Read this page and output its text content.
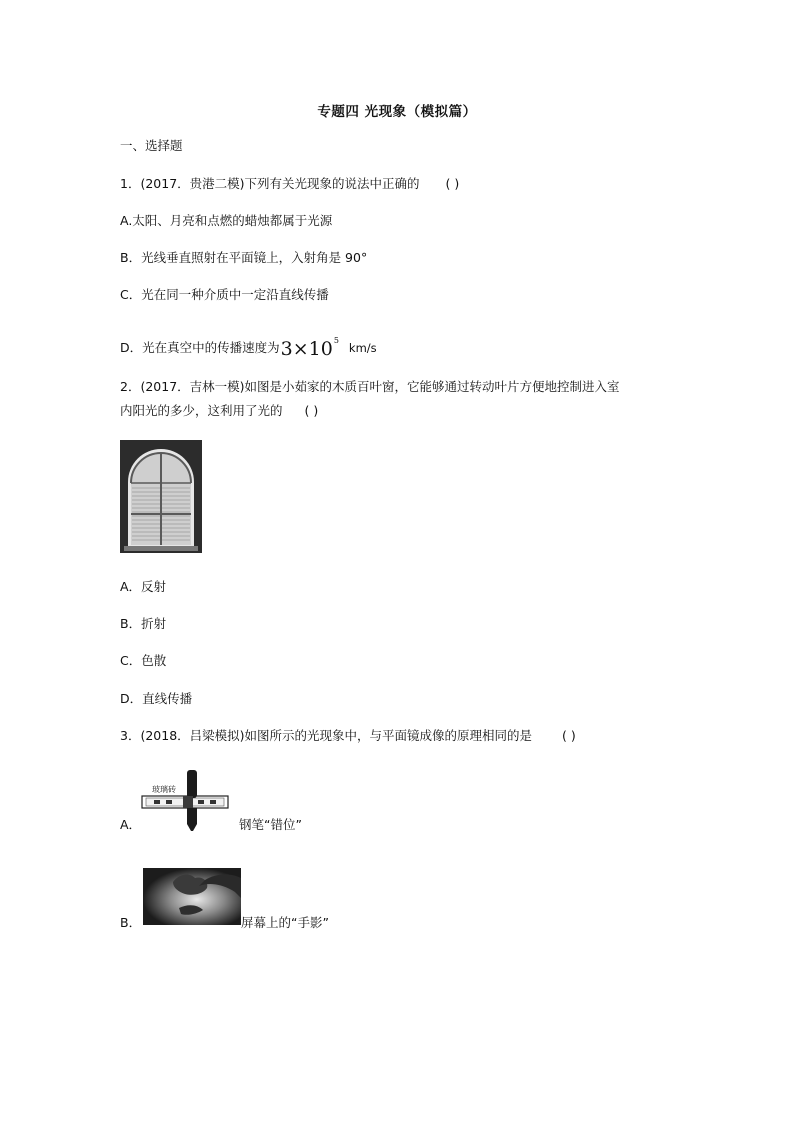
专题四 光现象（模拟篇）
一、选择题
1．(2017．贵港二模)下列有关光现象的说法中正确的 ( )
A.太阳、月亮和点燃的蜡烛都属于光源
B．光线垂直照射在平面镜上，入射角是 90°
C．光在同一种介质中一定沿直线传播
D．光在真空中的传播速度为$3\times 10^5km/s$
2．(2017．吉林一模)如图是小茹家的木质百叶窗，它能够通过转动叶片方便地控制进入室
内阳光的多少，这利用了光的 ( )
A．反射
B．折射
C．色散
D．直线传播
3．(2018．吕梁模拟)如图所示的光现象中，与平面镜成像的原理相同的是 ( )
A．
玻璃砖
钢笔“错位”
B．	屏幕上的“手影”
